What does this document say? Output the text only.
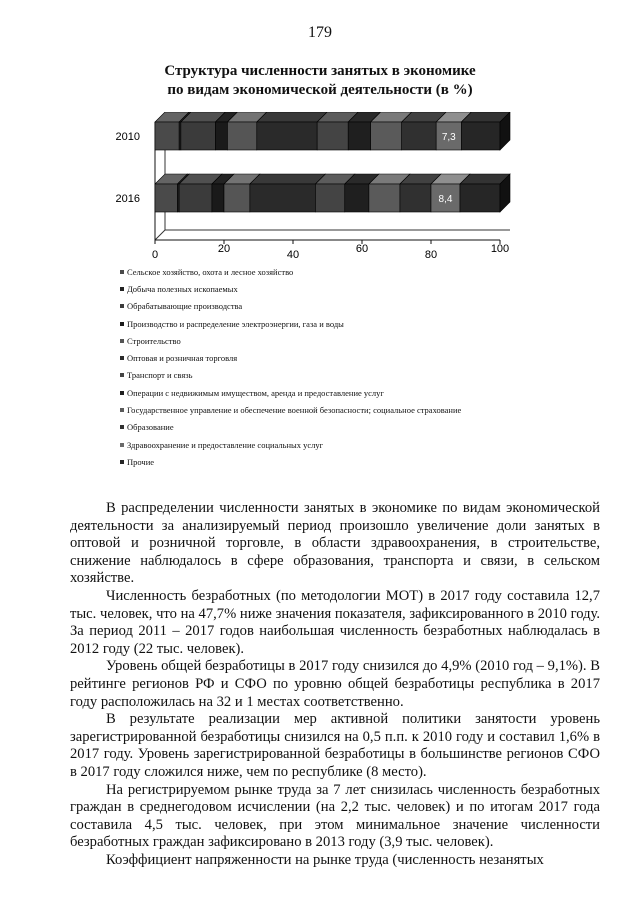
179
Структура численности занятых в экономике
по видам экономической деятельности (в %)
2010	7,3
2016	8,4
0	20	40	60	80	100
Сельское хозяйство, охота и лесное хозяйство
Добыча полезных ископаемых
Обрабатывающие производства
Производство и распределение электроэнергии, газа и воды
Строительство
Оптовая и розничная торговля
Транспорт и связь
Операции с недвижимым имуществом, аренда и предоставление услуг
Государственное управление и обеспечение военной безопасности; социальное страхование
Образование
Здравоохранение и предоставление социальных услуг
Прочие

В распределении численности занятых в экономике по видам экономической деятельности за анализируемый период произошло увеличение доли занятых в оптовой и розничной торговле, в области здравоохранения, в строительстве, снижение наблюдалось в сфере образования, транспорта и связи, в сельском хозяйстве.

Численность безработных (по методологии МОТ) в 2017 году составила 12,7 тыс. человек, что на 47,7% ниже значения показателя, зафиксированного в 2010 году. За период 2011 – 2017 годов наибольшая численность безработных наблюдалась в 2012 году (22 тыс. человек).

Уровень общей безработицы в 2017 году снизился до 4,9% (2010 год – 9,1%). В рейтинге регионов РФ и СФО по уровню общей безработицы республика в 2017 году расположилась на 32 и 1 местах соответственно.

В результате реализации мер активной политики занятости уровень зарегистрированной безработицы снизился на 0,5 п.п. к 2010 году и составил 1,6% в 2017 году. Уровень зарегистрированной безработицы в большинстве регионов СФО в 2017 году сложился ниже, чем по республике (8 место).

На регистрируемом рынке труда за 7 лет снизилась численность безработных граждан в среднегодовом исчислении (на 2,2 тыс. человек) и по итогам 2017 года составила 4,5 тыс. человек, при этом минимальное значение численности безработных граждан зафиксировано в 2013 году (3,9 тыс. человек).

Коэффициент напряженности на рынке труда (численность незанятых
